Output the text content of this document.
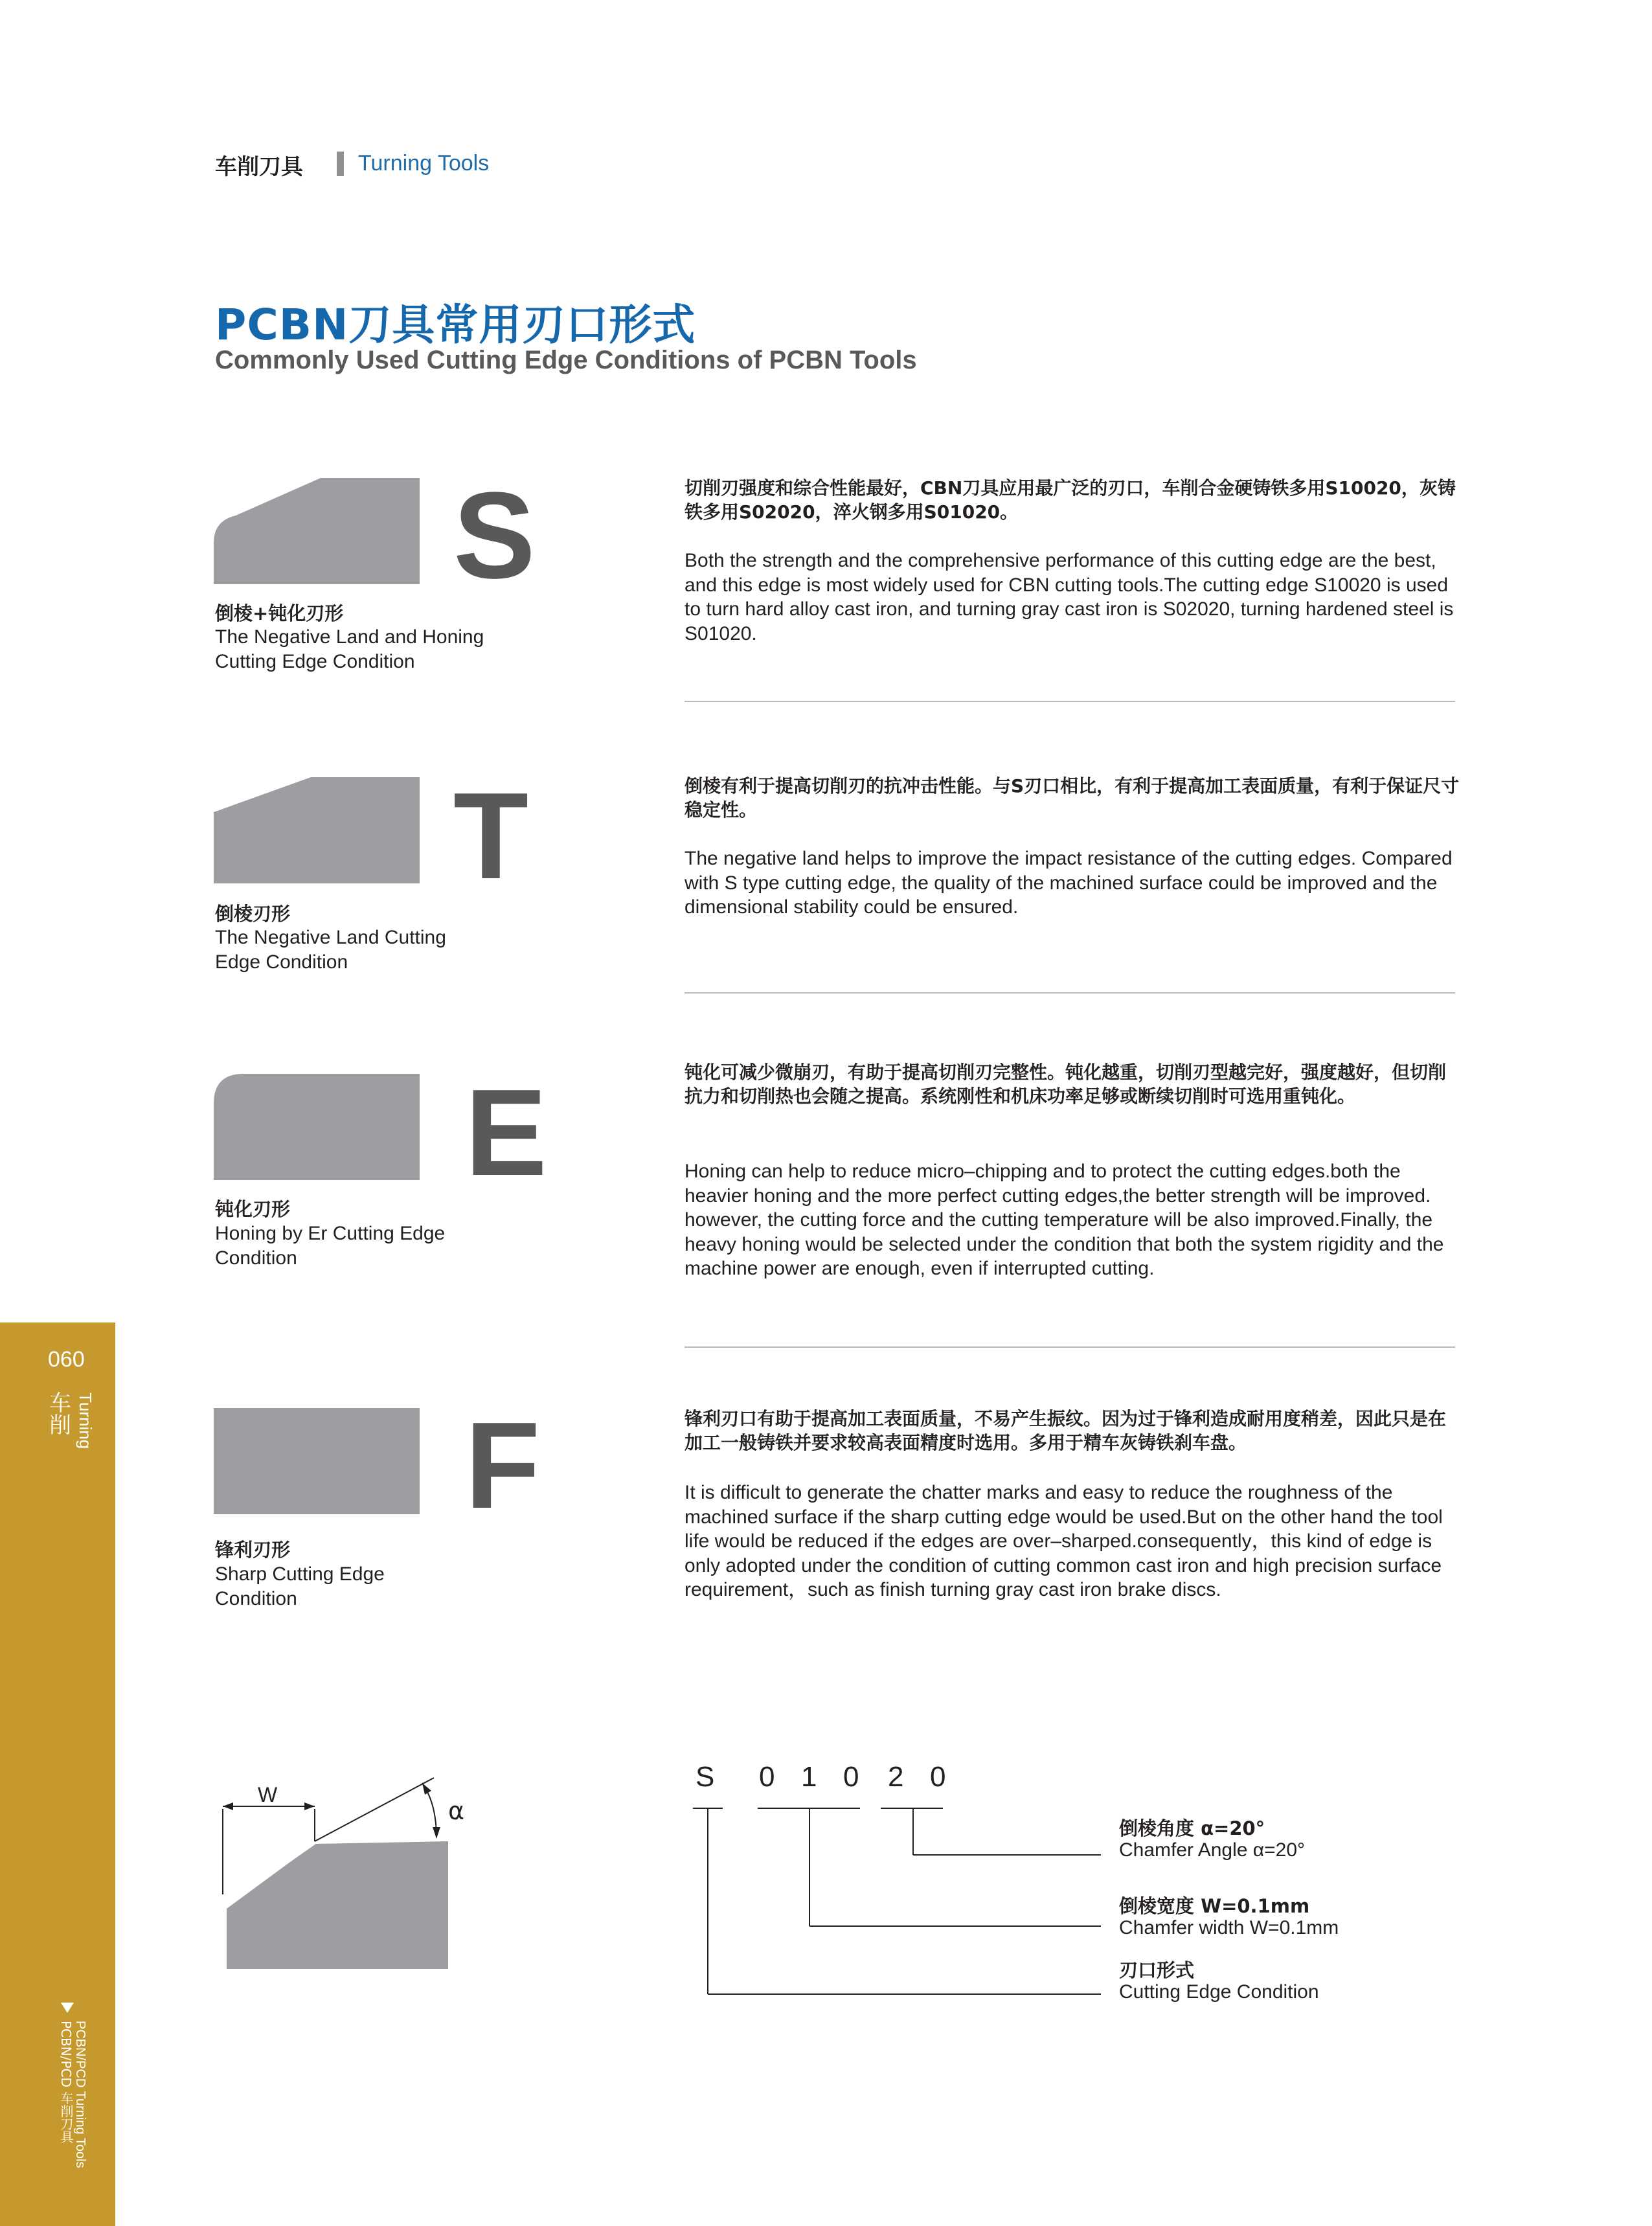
车削刀具	Turning Tools
PCBN刀具常用刃口形式
Commonly Used Cutting Edge Conditions of PCBN Tools
S
倒棱+钝化刃形
The Negative Land and Honing
Cutting Edge Condition
切削刃强度和综合性能最好，CBN刀具应用最广泛的刃口，车削合金硬铸铁多用S10020，灰铸铁多用S02020，淬火钢多用S01020。
Both the strength and the comprehensive performance of this cutting edge are the best, and this edge is most widely used for CBN cutting tools.The cutting edge S10020 is used to turn hard alloy cast iron, and turning gray cast iron is S02020, turning hardened steel is S01020.
T
倒棱刃形
The Negative Land Cutting
Edge Condition
倒棱有利于提高切削刃的抗冲击性能。与S刃口相比，有利于提高加工表面质量，有利于保证尺寸稳定性。
The negative land helps to improve the impact resistance of the cutting edges. Compared with S type cutting edge, the quality of the machined surface could be improved and the dimensional stability could be ensured.
E
钝化刃形
Honing by Er Cutting Edge
Condition
钝化可减少微崩刃，有助于提高切削刃完整性。钝化越重，切削刃型越完好，强度越好，但切削抗力和切削热也会随之提高。系统刚性和机床功率足够或断续切削时可选用重钝化。
Honing can help to reduce micro–chipping and to protect the cutting edges.both the heavier honing and the more perfect cutting edges,the better strength will be improved. however, the cutting force and the cutting temperature will be also improved.Finally, the heavy honing would be selected under the condition that both the system rigidity and the machine power are enough, even if interrupted cutting.
F
锋利刃形
Sharp Cutting Edge
Condition
锋利刃口有助于提高加工表面质量，不易产生振纹。因为过于锋利造成耐用度稍差，因此只是在加工一般铸铁并要求较高表面精度时选用。多用于精车灰铸铁刹车盘。
It is difficult to generate the chatter marks and easy to reduce the roughness of the machined surface if the sharp cutting edge would be used.But on the other hand the tool life would be reduced if the edges are over–sharped.consequently，this kind of edge is only adopted under the condition of cutting common cast iron and high precision surface requirement，such as finish turning gray cast iron brake discs.
W
α
S 0 1 0 2 0
倒棱角度 α=20°
Chamfer Angle α=20°
倒棱宽度 W=0.1mm
Chamfer width W=0.1mm
刃口形式
Cutting Edge Condition
060
车削 Turning
PCBN/PCD Turning Tools
PCBN/PCD 车削刀具
